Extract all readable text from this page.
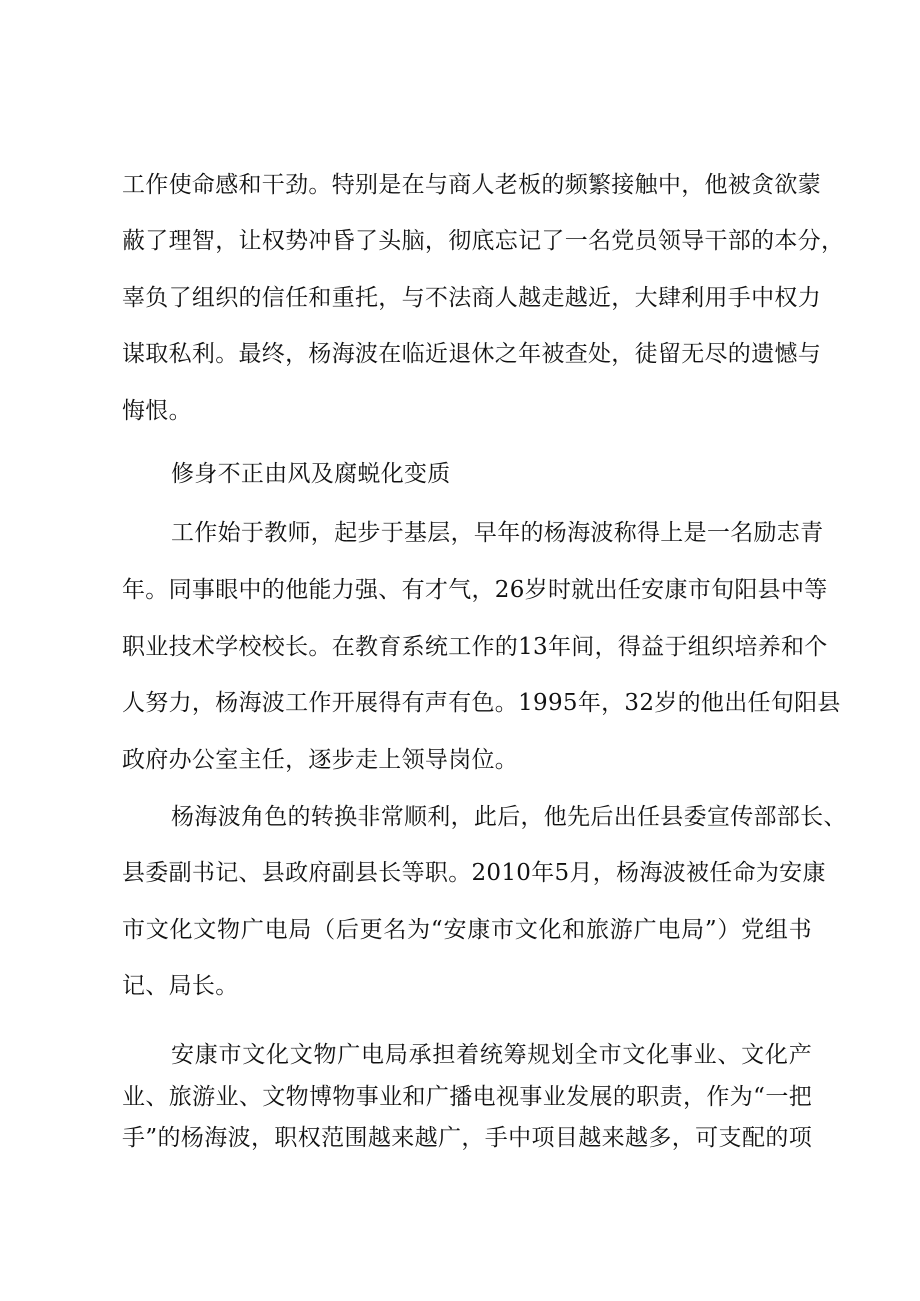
工作使命感和干劲。特别是在与商人老板的频繁接触中，他被贪欲蒙
蔽了理智，让权势冲昏了头脑，彻底忘记了一名党员领导干部的本分，
辜负了组织的信任和重托，与不法商人越走越近，大肆利用手中权力
谋取私利。最终，杨海波在临近退休之年被查处，徒留无尽的遗憾与
悔恨。
修身不正由风及腐蜕化变质
工作始于教师，起步于基层，早年的杨海波称得上是一名励志青
年。同事眼中的他能力强、有才气，26岁时就出任安康市旬阳县中等
职业技术学校校长。在教育系统工作的13年间，得益于组织培养和个
人努力，杨海波工作开展得有声有色。1995年，32岁的他出任旬阳县
政府办公室主任，逐步走上领导岗位。
杨海波角色的转换非常顺利，此后，他先后出任县委宣传部部长、
县委副书记、县政府副县长等职。2010年5月，杨海波被任命为安康
市文化文物广电局（后更名为“安康市文化和旅游广电局”）党组书
记、局长。
安康市文化文物广电局承担着统筹规划全市文化事业、文化产
业、旅游业、文物博物事业和广播电视事业发展的职责，作为“一把
手”的杨海波，职权范围越来越广，手中项目越来越多，可支配的项
